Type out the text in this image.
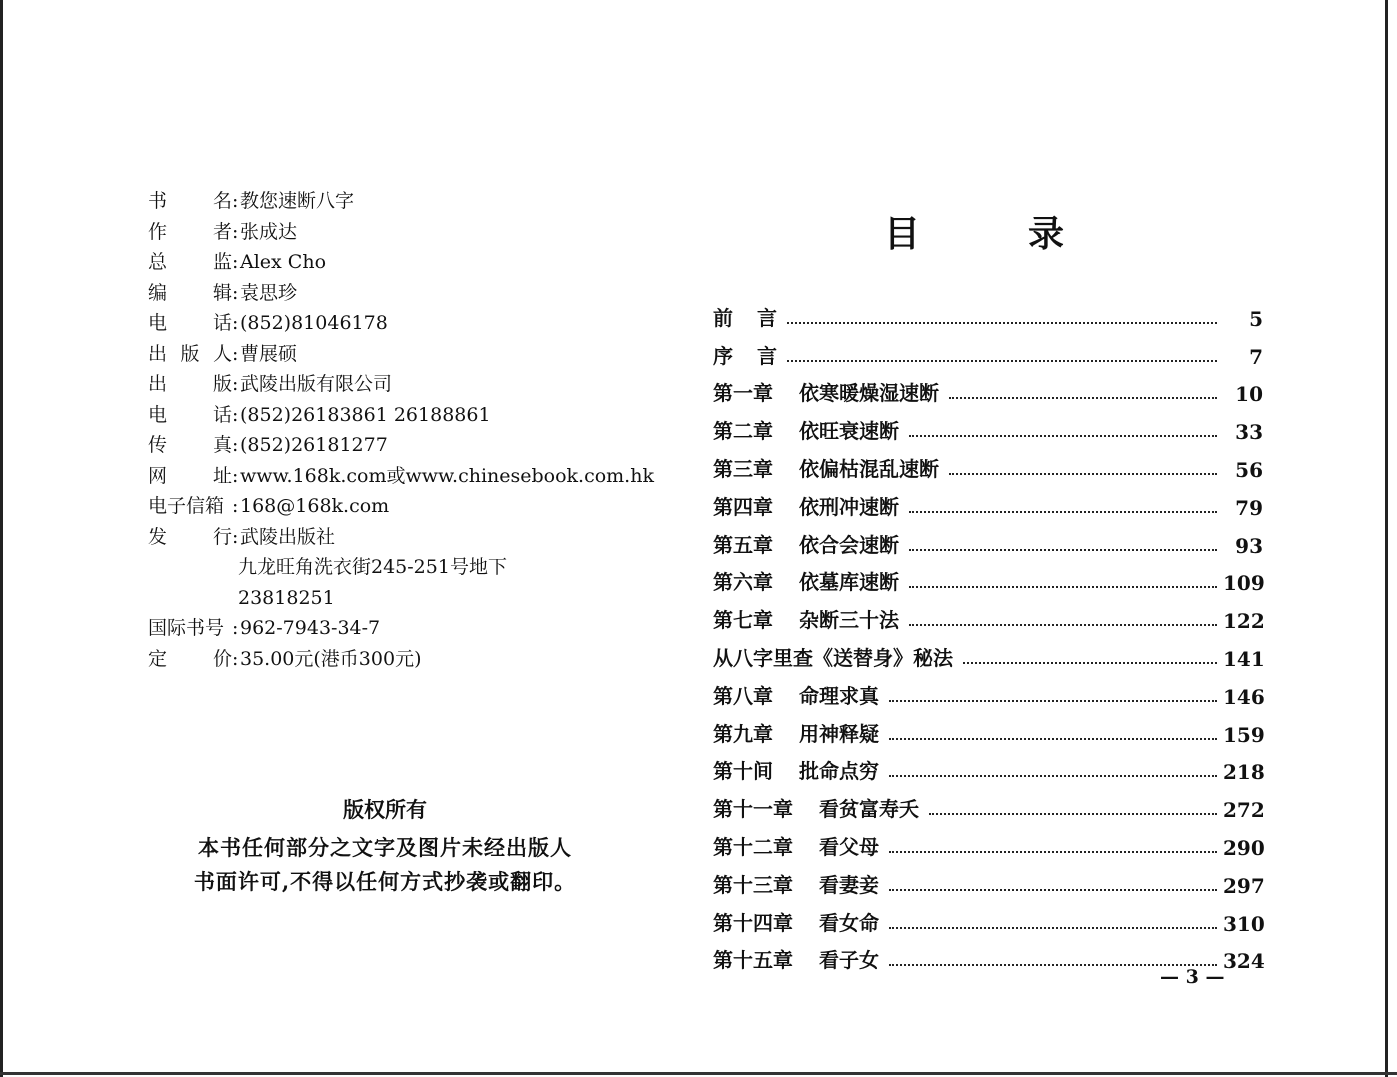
书 名 教您速断八字
:
作 者 张成达
:
总 监 Alex Cho
:
编 辑 袁思珍
:
电 话 (852)81046178
:
出 版 人 曹展硕
:
出 版 武陵出版有限公司
:
电 话 (852)26183861 26188861
:
传 真 (852)26181277
:
网 址 www.168k.com或www.chinesebook.com.hk
:
电子信箱 168@168k.com
:
发 行 武陵出版社
:
九龙旺角洗衣街245-251号地下
23818251
国际书号 962-7943-34-7
:
定 价 35.00元(港币300元)
:
版权所有
本书任何部分之文字及图片未经出版人
书面许可,不得以任何方式抄袭或翻印。
目	录
前 言	5
序 言	7
第一章 依寒暖燥湿速断	10
第二章 依旺衰速断	33
第三章 依偏枯混乱速断	56
第四章 依刑冲速断	79
第五章 依合会速断	93
第六章 依墓库速断	109
第七章 杂断三十法	122
从八字里查《送替身》秘法	141
第八章 命理求真	146
第九章 用神释疑	159
第十间 批命点穷	218
第十一章 看贫富寿夭	272
第十二章 看父母	290
第十三章 看妻妾	297
第十四章 看女命	310
第十五章 看子女	324
— 3 —
